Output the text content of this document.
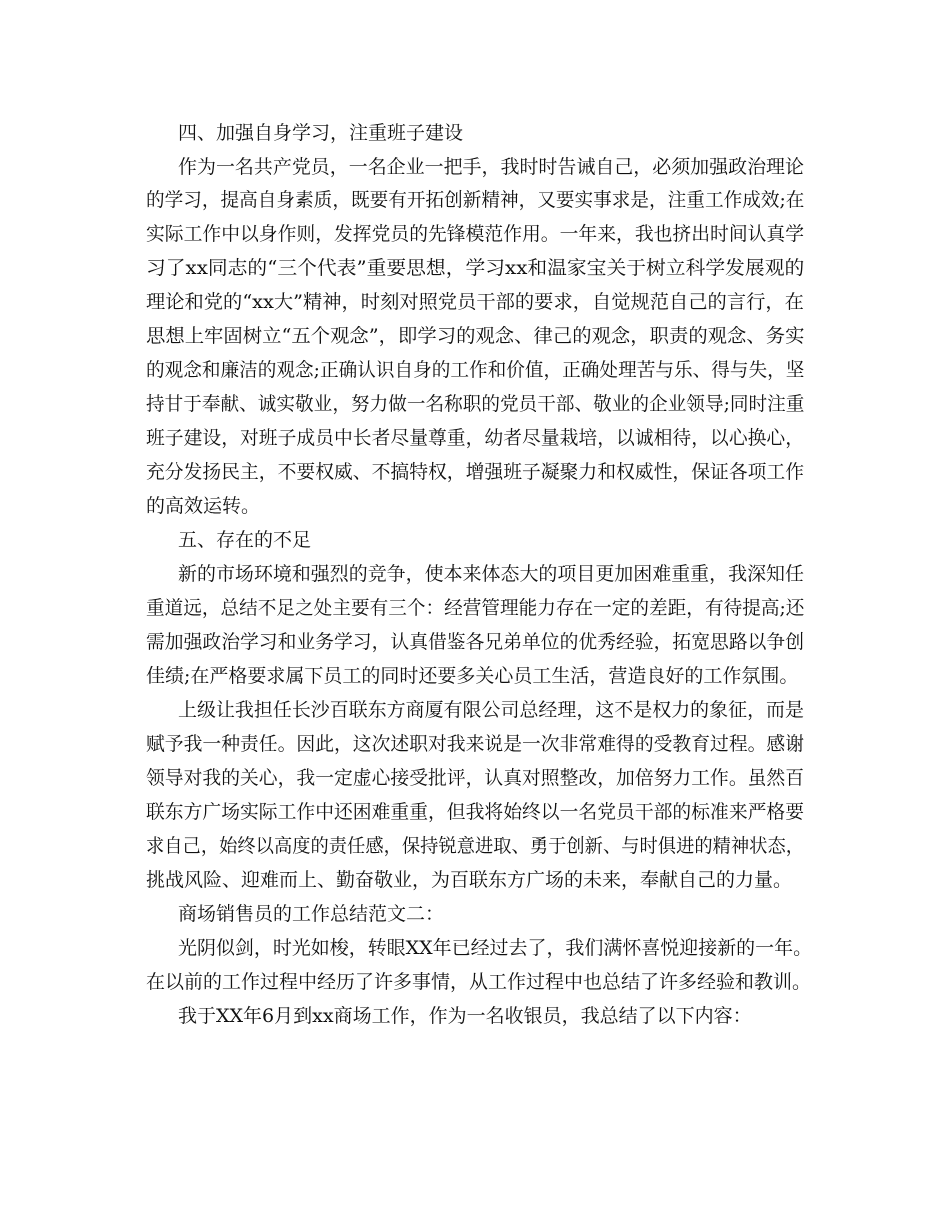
四、加强自身学习，注重班子建设

作为一名共产党员，一名企业一把手，我时时告诫自己，必须加强政治理论

的学习，提高自身素质，既要有开拓创新精神，又要实事求是，注重工作成效;在

实际工作中以身作则，发挥党员的先锋模范作用。一年来，我也挤出时间认真学

习了xx同志的“三个代表”重要思想，学习xx和温家宝关于树立科学发展观的

理论和党的“xx大”精神，时刻对照党员干部的要求，自觉规范自己的言行，在

思想上牢固树立“五个观念”，即学习的观念、律己的观念，职责的观念、务实

的观念和廉洁的观念;正确认识自身的工作和价值，正确处理苦与乐、得与失，坚

持甘于奉献、诚实敬业，努力做一名称职的党员干部、敬业的企业领导;同时注重

班子建设，对班子成员中长者尽量尊重，幼者尽量栽培，以诚相待，以心换心，

充分发扬民主，不要权威、不搞特权，增强班子凝聚力和权威性，保证各项工作

的高效运转。

五、存在的不足

新的市场环境和强烈的竞争，使本来体态大的项目更加困难重重，我深知任

重道远，总结不足之处主要有三个：经营管理能力存在一定的差距，有待提高;还

需加强政治学习和业务学习，认真借鉴各兄弟单位的优秀经验，拓宽思路以争创

佳绩;在严格要求属下员工的同时还要多关心员工生活，营造良好的工作氛围。

上级让我担任长沙百联东方商厦有限公司总经理，这不是权力的象征，而是

赋予我一种责任。因此，这次述职对我来说是一次非常难得的受教育过程。感谢

领导对我的关心，我一定虚心接受批评，认真对照整改，加倍努力工作。虽然百

联东方广场实际工作中还困难重重，但我将始终以一名党员干部的标准来严格要

求自己，始终以高度的责任感，保持锐意进取、勇于创新、与时俱进的精神状态，

挑战风险、迎难而上、勤奋敬业，为百联东方广场的未来，奉献自己的力量。

商场销售员的工作总结范文二：

光阴似剑，时光如梭，转眼XX年已经过去了，我们满怀喜悦迎接新的一年。

在以前的工作过程中经历了许多事情，从工作过程中也总结了许多经验和教训。

我于XX年6月到xx商场工作，作为一名收银员，我总结了以下内容：
